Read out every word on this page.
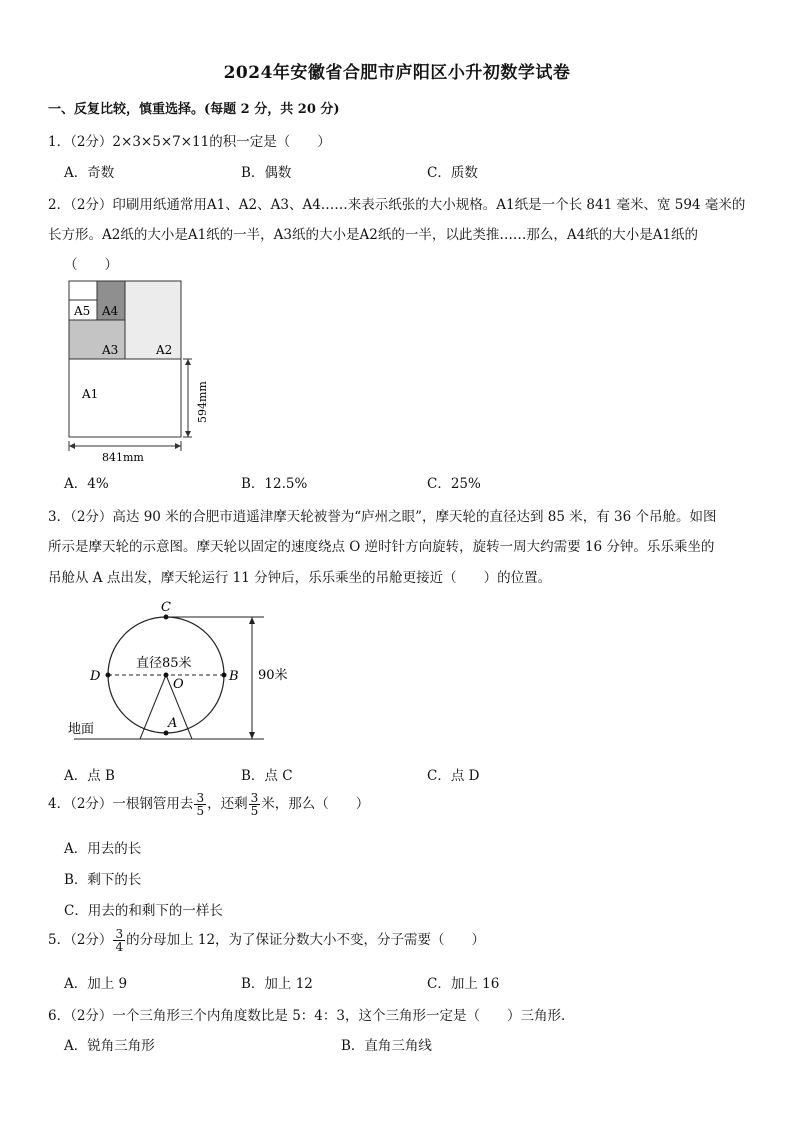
2024年安徽省合肥市庐阳区小升初数学试卷
一、反复比较，慎重选择。(每题 2 分，共 20 分)
1．（2分）2×3×5×7×11的积一定是（　　）
A．奇数	B．偶数	C．质数
2．（2分）印刷用纸通常用A1、A2、A3、A4……来表示纸张的大小规格。A1纸是一个长 841 毫米、宽 594 毫米的
长方形。A2纸的大小是A1纸的一半，A3纸的大小是A2纸的一半，以此类推……那么，A4纸的大小是A1纸的
（　　）
A5 A4
A3	A2
A1
841mm
594mm
A．4%	B．12.5%	C．25%
3．（2分）高达 90 米的合肥市逍遥津摩天轮被誉为“庐州之眼”，摩天轮的直径达到 85 米，有 36 个吊舱。如图
所示是摩天轮的示意图。摩天轮以固定的速度绕点 O 逆时针方向旋转，旋转一周大约需要 16 分钟。乐乐乘坐的
吊舱从 A 点出发，摩天轮运行 11 分钟后，乐乐乘坐的吊舱更接近（　　）的位置。
90米
C
D	B
O
A
直径85米
地面
A．点 B	B．点 C	C．点 D
4．（2分）一根钢管用去 $\frac{3}{5}$ ，还剩 $\frac{3}{5}$ 米，那么（　　）
A．用去的长
B．剩下的长
C．用去的和剩下的一样长
5．（2分） $\frac{3}{4}$ 的分母加上 12，为了保证分数大小不变，分子需要（　　）
A．加上 9	B．加上 12	C．加上 16
6．（2分）一个三角形三个内角度数比是 5：4：3，这个三角形一定是（　　）三角形.
A．锐角三角形	B．直角三角线
